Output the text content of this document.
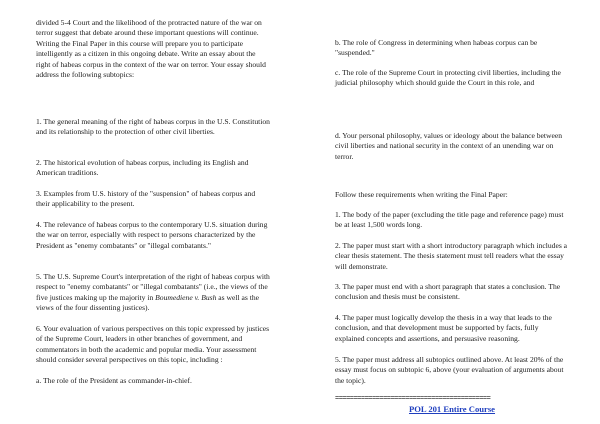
divided 5-4 Court and the likelihood of the protracted nature of the war on terror suggest that debate around these important questions will continue. Writing the Final Paper in this course will prepare you to participate intelligently as a citizen in this ongoing debate. Write an essay about the right of habeas corpus in the context of the war on terror. Your essay should address the following subtopics:

1. The general meaning of the right of habeas corpus in the U.S. Constitution and its relationship to the protection of other civil liberties.

2. The historical evolution of habeas corpus, including its English and American traditions.

3. Examples from U.S. history of the "suspension" of habeas corpus and their applicability to the present.

4. The relevance of habeas corpus to the contemporary U.S. situation during the war on terror, especially with respect to persons characterized by the President as "enemy combatants" or "illegal combatants."

5. The U.S. Supreme Court's interpretation of the right of habeas corpus with respect to "enemy combatants" or "illegal combatants" (i.e., the views of the five justices making up the majority in Boumediene v. Bush as well as the views of the four dissenting justices).

6. Your evaluation of various perspectives on this topic expressed by justices of the Supreme Court, leaders in other branches of government, and commentators in both the academic and popular media. Your assessment should consider several perspectives on this topic, including :

a. The role of the President as commander-in-chief.

b. The role of Congress in determining when habeas corpus can be "suspended."

c. The role of the Supreme Court in protecting civil liberties, including the judicial philosophy which should guide the Court in this role, and

d. Your personal philosophy, values or ideology about the balance between civil liberties and national security in the context of an unending war on terror.

Follow these requirements when writing the Final Paper:

1. The body of the paper (excluding the title page and reference page) must be at least 1,500 words long.

2. The paper must start with a short introductory paragraph which includes a clear thesis statement. The thesis statement must tell readers what the essay will demonstrate.

3. The paper must end with a short paragraph that states a conclusion. The conclusion and thesis must be consistent.

4. The paper must logically develop the thesis in a way that leads to the conclusion, and that development must be supported by facts, fully explained concepts and assertions, and persuasive reasoning.

5. The paper must address all subtopics outlined above. At least 20% of the essay must focus on subtopic 6, above (your evaluation of arguments about the topic).

==========================================
POL 201 Entire Course
